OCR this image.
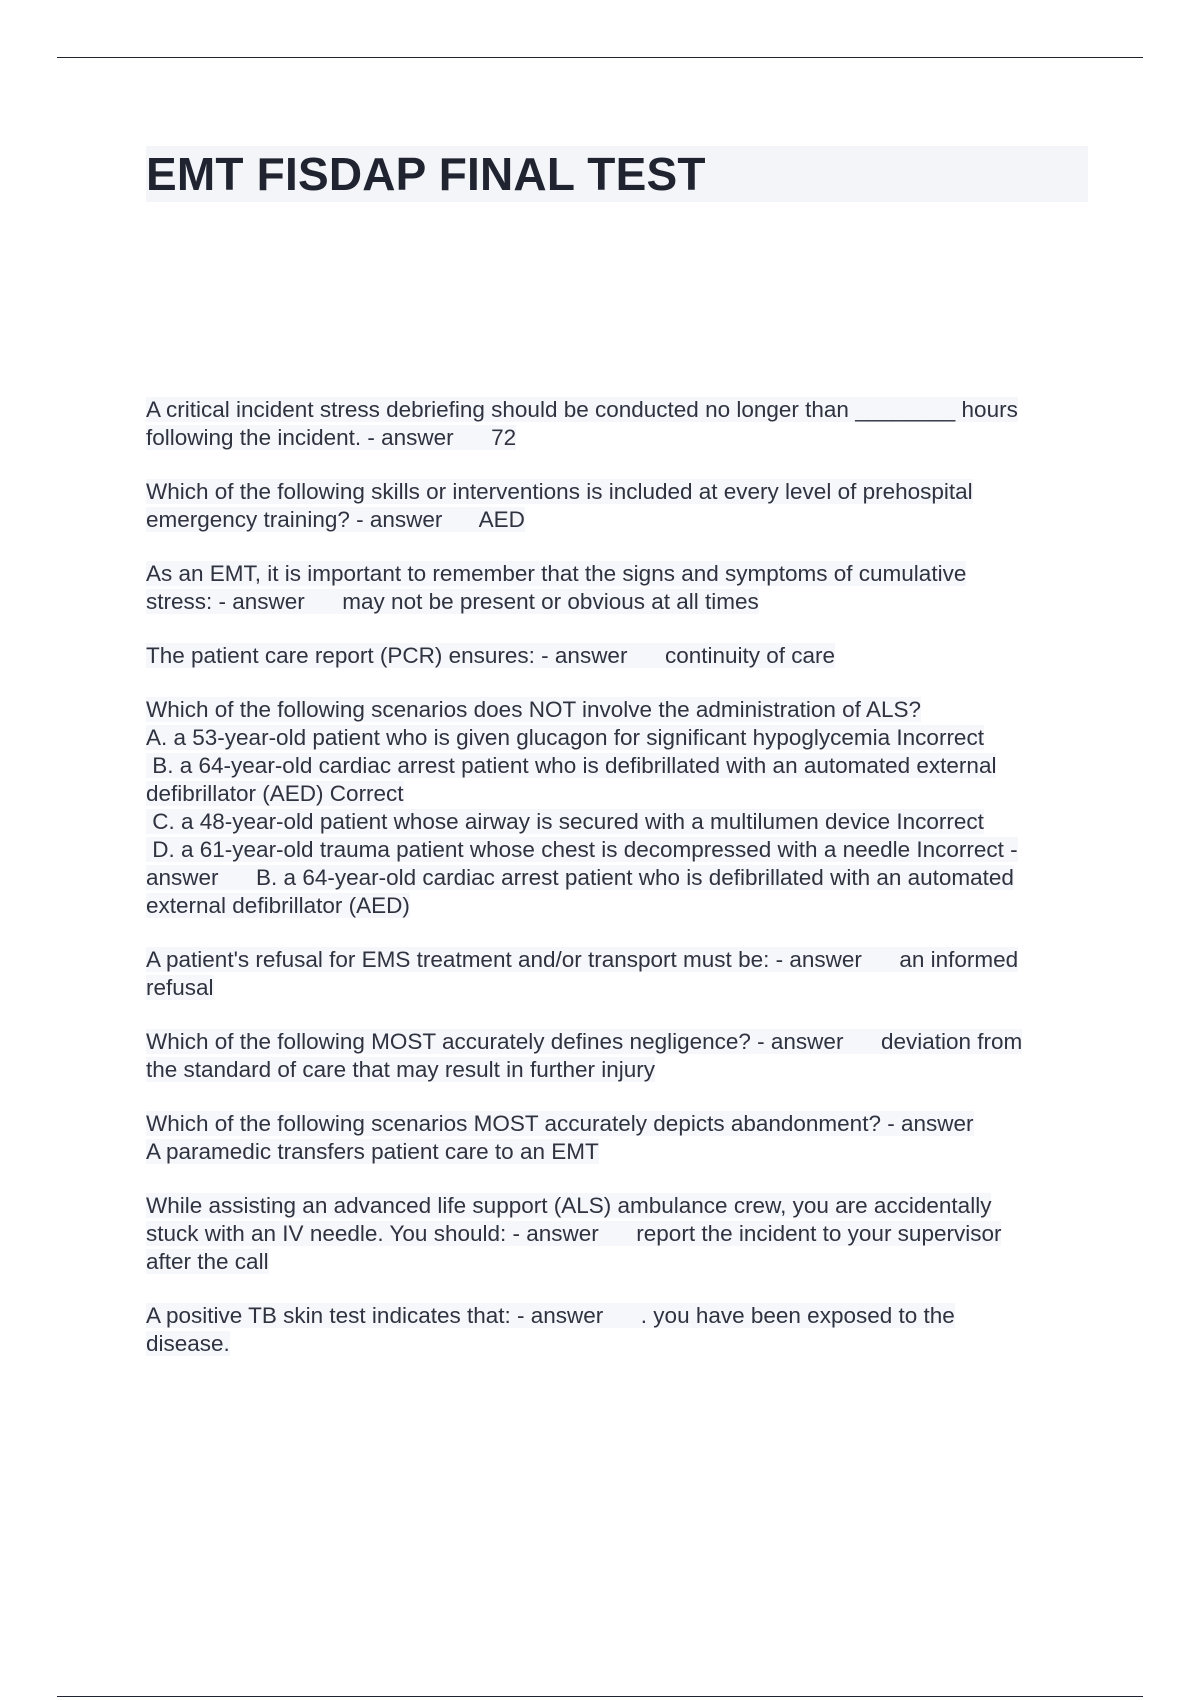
EMT FISDAP FINAL TEST
A critical incident stress debriefing should be conducted no longer than ________ hours
following the incident. - answer      72
Which of the following skills or interventions is included at every level of prehospital
emergency training? - answer      AED
As an EMT, it is important to remember that the signs and symptoms of cumulative
stress: - answer      may not be present or obvious at all times
The patient care report (PCR) ensures: - answer      continuity of care
Which of the following scenarios does NOT involve the administration of ALS?
A. a 53-year-old patient who is given glucagon for significant hypoglycemia Incorrect
B. a 64-year-old cardiac arrest patient who is defibrillated with an automated external
defibrillator (AED) Correct
C. a 48-year-old patient whose airway is secured with a multilumen device Incorrect
D. a 61-year-old trauma patient whose chest is decompressed with a needle Incorrect -
answer      B. a 64-year-old cardiac arrest patient who is defibrillated with an automated
external defibrillator (AED)
A patient's refusal for EMS treatment and/or transport must be: - answer      an informed
refusal
Which of the following MOST accurately defines negligence? - answer      deviation from
the standard of care that may result in further injury
Which of the following scenarios MOST accurately depicts abandonment? - answer
A paramedic transfers patient care to an EMT
While assisting an advanced life support (ALS) ambulance crew, you are accidentally
stuck with an IV needle. You should: - answer      report the incident to your supervisor
after the call
A positive TB skin test indicates that: - answer      . you have been exposed to the
disease.
